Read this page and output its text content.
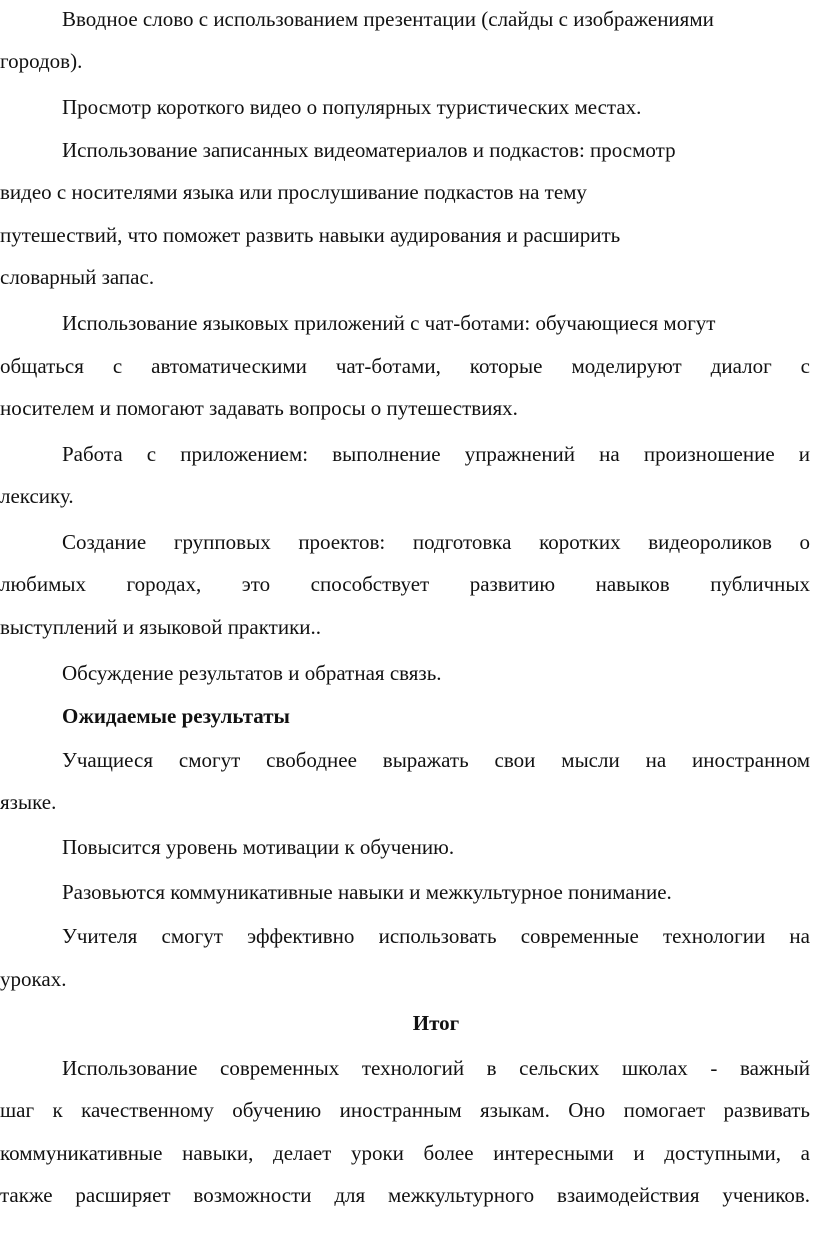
Вводное слово с использованием презентации (слайды с изображениями
городов).
Просмотр короткого видео о популярных туристических местах.
Использование записанных видеоматериалов и подкастов: просмотр
видео с носителями языка или прослушивание подкастов на тему
путешествий, что поможет развить навыки аудирования и расширить
словарный запас.
Использование языковых приложений с чат-ботами: обучающиеся могут
общаться с автоматическими чат-ботами, которые моделируют диалог с
носителем и помогают задавать вопросы о путешествиях.
Работа с приложением: выполнение упражнений на произношение и
лексику.
Создание групповых проектов: подготовка коротких видеороликов о
любимых городах, это способствует развитию навыков публичных
выступлений и языковой практики..
Обсуждение результатов и обратная связь.
Ожидаемые результаты
Учащиеся смогут свободнее выражать свои мысли на иностранном
языке.
Повысится уровень мотивации к обучению.
Разовьются коммуникативные навыки и межкультурное понимание.
Учителя смогут эффективно использовать современные технологии на
уроках.
Итог
Использование современных технологий в сельских школах - важный
шаг к качественному обучению иностранным языкам. Оно помогает развивать
коммуникативные навыки, делает уроки более интересными и доступными, а
также расширяет возможности для межкультурного взаимодействия учеников.
